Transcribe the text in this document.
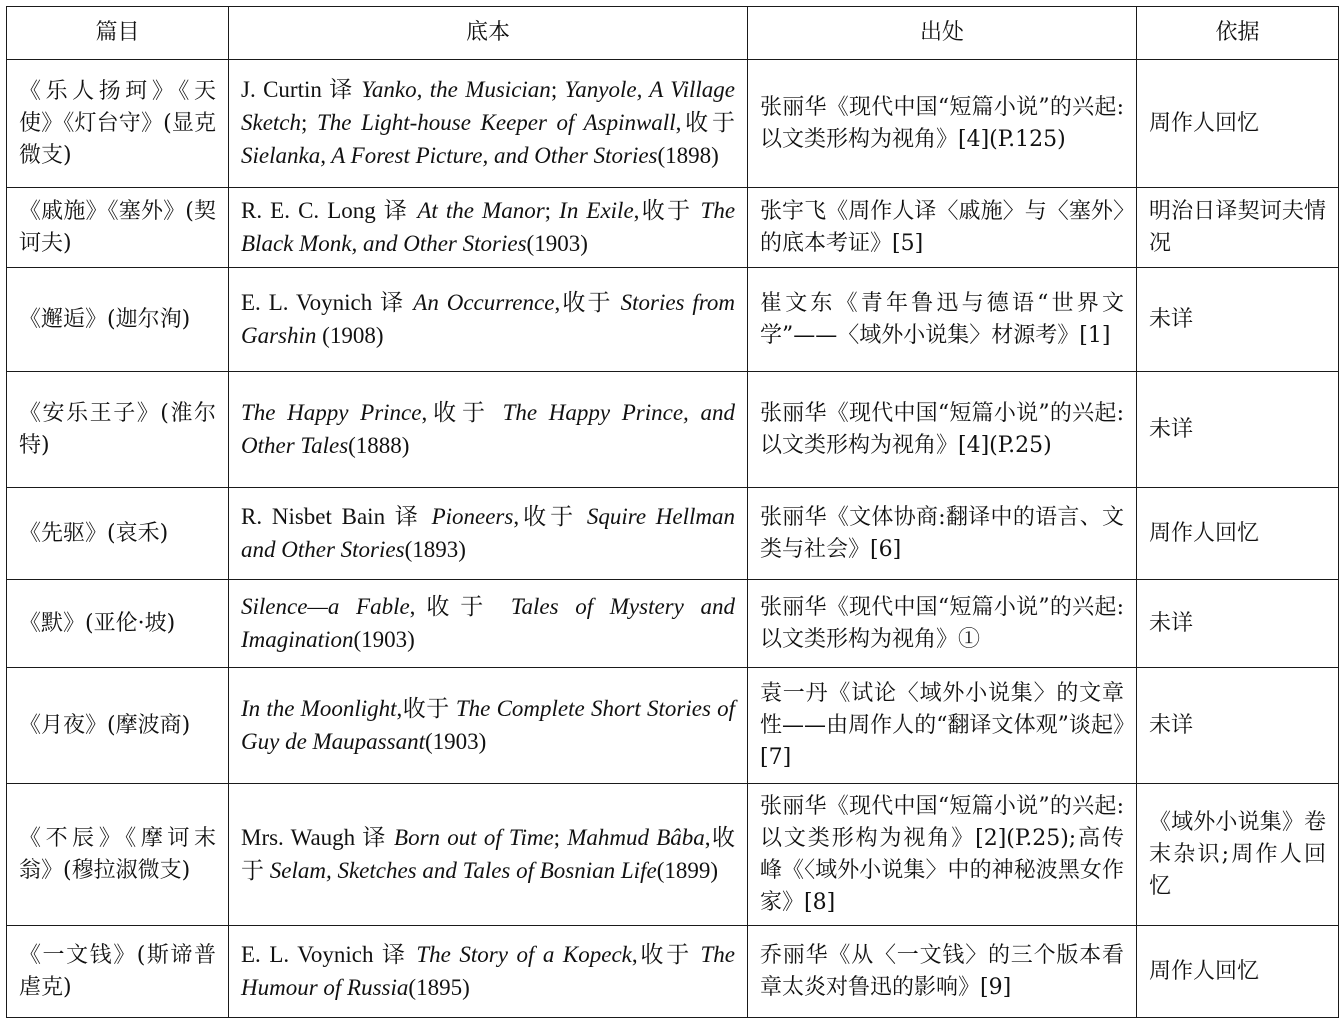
篇目	底本	出处	依据
《乐人扬珂》《天使》《灯台守》(显克微支)	J. Curtin 译 Yanko, the Musician; Yanyole, A Village Sketch; The Light-house Keeper of Aspinwall,收于 Sielanka, A Forest Picture, and Other Stories(1898)	张丽华《现代中国“短篇小说”的兴起:以文类形构为视角》[4](P.125)	周作人回忆
《戚施》《塞外》(契诃夫)	R. E. C. Long 译 At the Manor; In Exile,收于 The Black Monk, and Other Stories(1903)	张宇飞《周作人译〈戚施〉与〈塞外〉的底本考证》[5]	明治日译契诃夫情况
《邂逅》(迦尔洵)	E. L. Voynich 译 An Occurrence,收于 Stories from Garshin (1908)	崔文东《青年鲁迅与德语“世界文学”——〈域外小说集〉材源考》[1]	未详
《安乐王子》(淮尔特)	The Happy Prince,收于 The Happy Prince, and Other Tales(1888)	张丽华《现代中国“短篇小说”的兴起:以文类形构为视角》[4](P.25)	未详
《先驱》(哀禾)	R. Nisbet Bain 译 Pioneers,收于 Squire Hellman and Other Stories(1893)	张丽华《文体协商:翻译中的语言、文类与社会》[6]	周作人回忆
《默》(亚伦·坡)	Silence—a Fable,收于 Tales of Mystery and Imagination(1903)	张丽华《现代中国“短篇小说”的兴起:以文类形构为视角》①	未详
《月夜》(摩波商)	In the Moonlight,收于 The Complete Short Stories of Guy de Maupassant(1903)	袁一丹《试论〈域外小说集〉的文章性——由周作人的“翻译文体观”谈起》[7]	未详
《不辰》《摩诃末翁》(穆拉淑微支)	Mrs. Waugh 译 Born out of Time; Mahmud Bâba,收于 Selam, Sketches and Tales of Bosnian Life(1899)	张丽华《现代中国“短篇小说”的兴起:以文类形构为视角》[2](P.25);高传峰《〈域外小说集〉中的神秘波黑女作家》[8]	《域外小说集》卷末杂识;周作人回忆
《一文钱》(斯谛普虐克)	E. L. Voynich 译 The Story of a Kopeck,收于 The Humour of Russia(1895)	乔丽华《从〈一文钱〉的三个版本看章太炎对鲁迅的影响》[9]	周作人回忆
